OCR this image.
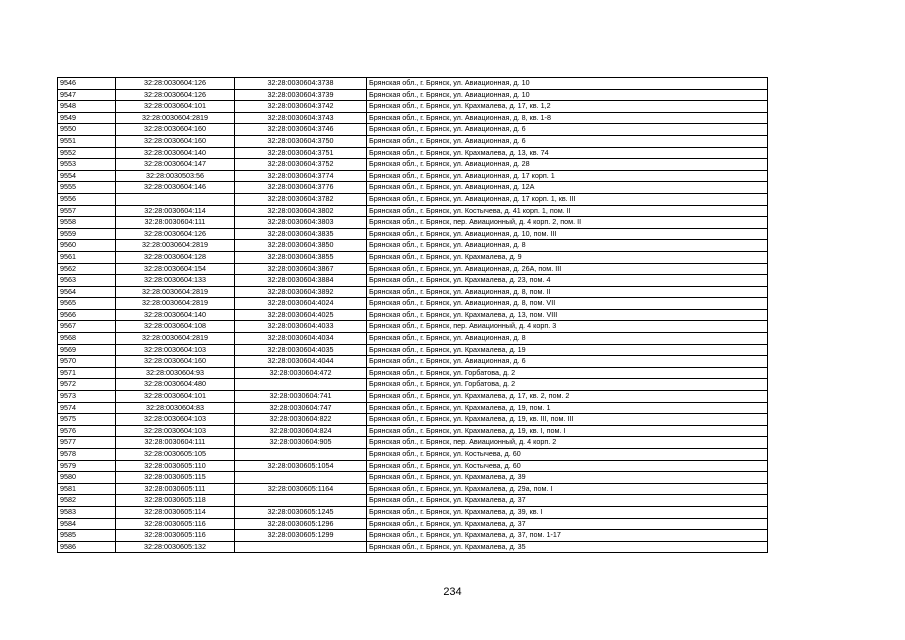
9546	32:28:0030604:126	32:28:0030604:3738	Брянская обл., г. Брянск, ул. Авиационная, д. 10
9547	32:28:0030604:126	32:28:0030604:3739	Брянская обл., г. Брянск, ул. Авиационная, д. 10
9548	32:28:0030604:101	32:28:0030604:3742	Брянская обл., г. Брянск, ул. Крахмалева, д. 17, кв. 1,2
9549	32:28:0030604:2819	32:28:0030604:3743	Брянская обл., г. Брянск, ул. Авиационная, д. 8, кв. 1-8
9550	32:28:0030604:160	32:28:0030604:3746	Брянская обл., г. Брянск, ул. Авиационная, д. 6
9551	32:28:0030604:160	32:28:0030604:3750	Брянская обл., г. Брянск, ул. Авиационная, д. 6
9552	32:28:0030604:140	32:28:0030604:3751	Брянская обл., г. Брянск, ул. Крахмалева, д. 13, кв. 74
9553	32:28:0030604:147	32:28:0030604:3752	Брянская обл., г. Брянск, ул. Авиационная, д. 28
9554	32:28:0030503:56	32:28:0030604:3774	Брянская обл., г. Брянск, ул. Авиационная, д. 17 корп. 1
9555	32:28:0030604:146	32:28:0030604:3776	Брянская обл., г. Брянск, ул. Авиационная, д. 12А
9556		32:28:0030604:3782	Брянская обл., г. Брянск, ул. Авиационная, д. 17 корп. 1, кв. III
9557	32:28:0030604:114	32:28:0030604:3802	Брянская обл., г. Брянск, ул. Костычева, д. 41 корп. 1, пом. II
9558	32:28:0030604:111	32:28:0030604:3803	Брянская обл., г. Брянск, пер. Авиационный, д. 4 корп. 2, пом. II
9559	32:28:0030604:126	32:28:0030604:3835	Брянская обл., г. Брянск, ул. Авиационная, д. 10, пом. III
9560	32:28:0030604:2819	32:28:0030604:3850	Брянская обл., г. Брянск, ул. Авиационная, д. 8
9561	32:28:0030604:128	32:28:0030604:3855	Брянская обл., г. Брянск, ул. Крахмалева, д. 9
9562	32:28:0030604:154	32:28:0030604:3867	Брянская обл., г. Брянск, ул. Авиационная, д. 26А, пом. III
9563	32:28:0030604:133	32:28:0030604:3884	Брянская обл., г. Брянск, ул. Крахмалева, д. 23, пом. 4
9564	32:28:0030604:2819	32:28:0030604:3892	Брянская обл., г. Брянск, ул. Авиационная, д. 8, пом. II
9565	32:28:0030604:2819	32:28:0030604:4024	Брянская обл., г. Брянск, ул. Авиационная, д. 8, пом. VII
9566	32:28:0030604:140	32:28:0030604:4025	Брянская обл., г. Брянск, ул. Крахмалева, д. 13, пом. VIII
9567	32:28:0030604:108	32:28:0030604:4033	Брянская обл., г. Брянск, пер. Авиационный, д. 4 корп. 3
9568	32:28:0030604:2819	32:28:0030604:4034	Брянская обл., г. Брянск, ул. Авиационная, д. 8
9569	32:28:0030604:103	32:28:0030604:4035	Брянская обл., г. Брянск, ул. Крахмалева, д. 19
9570	32:28:0030604:160	32:28:0030604:4044	Брянская обл., г. Брянск, ул. Авиационная, д. 6
9571	32:28:0030604:93	32:28:0030604:472	Брянская обл., г. Брянск, ул. Горбатова, д. 2
9572	32:28:0030604:480		Брянская обл., г. Брянск, ул. Горбатова, д. 2
9573	32:28:0030604:101	32:28:0030604:741	Брянская обл., г. Брянск, ул. Крахмалева, д. 17, кв. 2, пом. 2
9574	32:28:0030604:83	32:28:0030604:747	Брянская обл., г. Брянск, ул. Крахмалева, д. 19, пом. 1
9575	32:28:0030604:103	32:28:0030604:822	Брянская обл., г. Брянск, ул. Крахмалева, д. 19, кв. III, пом. III
9576	32:28:0030604:103	32:28:0030604:824	Брянская обл., г. Брянск, ул. Крахмалева, д. 19, кв. I, пом. I
9577	32:28:0030604:111	32:28:0030604:905	Брянская обл., г. Брянск, пер. Авиационный, д. 4 корп. 2
9578	32:28:0030605:105		Брянская обл., г. Брянск, ул. Костычева, д. 60
9579	32:28:0030605:110	32:28:0030605:1054	Брянская обл., г. Брянск, ул. Костычева, д. 60
9580	32:28:0030605:115		Брянская обл., г. Брянск, ул. Крахмалева, д. 39
9581	32:28:0030605:111	32:28:0030605:1164	Брянская обл., г. Брянск, ул. Крахмалева, д. 29а, пом. I
9582	32:28:0030605:118		Брянская обл., г. Брянск, ул. Крахмалева, д. 37
9583	32:28:0030605:114	32:28:0030605:1245	Брянская обл., г. Брянск, ул. Крахмалева, д. 39, кв. I
9584	32:28:0030605:116	32:28:0030605:1296	Брянская обл., г. Брянск, ул. Крахмалева, д. 37
9585	32:28:0030605:116	32:28:0030605:1299	Брянская обл., г. Брянск, ул. Крахмалева, д. 37, пом. 1-17
9586	32:28:0030605:132		Брянская обл., г. Брянск, ул. Крахмалева, д. 35
234
